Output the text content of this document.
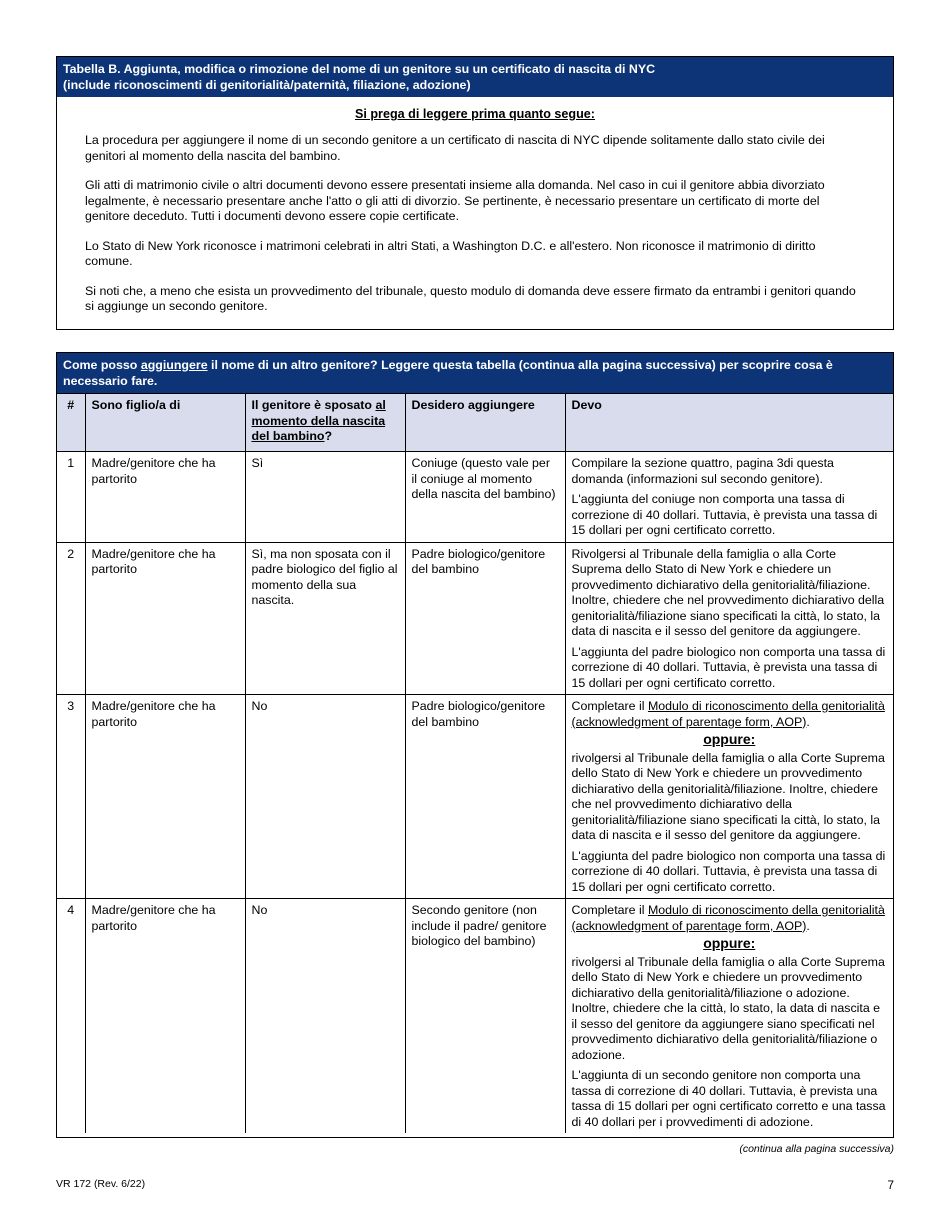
Tabella B. Aggiunta, modifica o rimozione del nome di un genitore su un certificato di nascita di NYC
(include riconoscimenti di genitorialità/paternità, filiazione, adozione)
Si prega di leggere prima quanto segue:

La procedura per aggiungere il nome di un secondo genitore a un certificato di nascita di NYC dipende solitamente dallo stato civile dei genitori al momento della nascita del bambino.

Gli atti di matrimonio civile o altri documenti devono essere presentati insieme alla domanda. Nel caso in cui il genitore abbia divorziato legalmente, è necessario presentare anche l'atto o gli atti di divorzio. Se pertinente, è necessario presentare un certificato di morte del genitore deceduto. Tutti i documenti devono essere copie certificate.

Lo Stato di New York riconosce i matrimoni celebrati in altri Stati, a Washington D.C. e all'estero. Non riconosce il matrimonio di diritto comune.

Si noti che, a meno che esista un provvedimento del tribunale, questo modulo di domanda deve essere firmato da entrambi i genitori quando si aggiunge un secondo genitore.

Come posso aggiungere il nome di un altro genitore? Leggere questa tabella (continua alla pagina successiva) per scoprire cosa è necessario fare.
#	Sono figlio/a di	Il genitore è sposato al momento della nascita del bambino?	Desidero aggiungere	Devo
1	Madre/genitore che ha partorito	Sì	Coniuge (questo vale per il coniuge al momento della nascita del bambino)	Compilare la sezione quattro, pagina 3di questa domanda (informazioni sul secondo genitore).
L'aggiunta del coniuge non comporta una tassa di correzione di 40 dollari. Tuttavia, è prevista una tassa di 15 dollari per ogni certificato corretto.

2	Madre/genitore che ha partorito	Sì, ma non sposata con il padre biologico del figlio al momento della sua nascita.	Padre biologico/genitore del bambino	Rivolgersi al Tribunale della famiglia o alla Corte Suprema dello Stato di New York e chiedere un provvedimento dichiarativo della genitorialità/filiazione. Inoltre, chiedere che nel provvedimento dichiarativo della genitorialità/filiazione siano specificati la città, lo stato, la data di nascita e il sesso del genitore da aggiungere.
L'aggiunta del padre biologico non comporta una tassa di correzione di 40 dollari. Tuttavia, è prevista una tassa di 15 dollari per ogni certificato corretto.

3	Madre/genitore che ha partorito	No	Padre biologico/genitore del bambino	Completare il Modulo di riconoscimento della genitorialità (acknowledgment of parentage form, AOP).
oppure:
rivolgersi al Tribunale della famiglia o alla Corte Suprema dello Stato di New York e chiedere un provvedimento dichiarativo della genitorialità/filiazione. Inoltre, chiedere che nel provvedimento dichiarativo della genitorialità/filiazione siano specificati la città, lo stato, la data di nascita e il sesso del genitore da aggiungere.
L'aggiunta del padre biologico non comporta una tassa di correzione di 40 dollari. Tuttavia, è prevista una tassa di 15 dollari per ogni certificato corretto.

4	Madre/genitore che ha partorito	No	Secondo genitore (non include il padre/ genitore biologico del bambino)	Completare il Modulo di riconoscimento della genitorialità (acknowledgment of parentage form, AOP).
oppure:
rivolgersi al Tribunale della famiglia o alla Corte Suprema dello Stato di New York e chiedere un provvedimento dichiarativo della genitorialità/filiazione o adozione. Inoltre, chiedere che la città, lo stato, la data di nascita e il sesso del genitore da aggiungere siano specificati nel provvedimento dichiarativo della genitorialità/filiazione o adozione.
L'aggiunta di un secondo genitore non comporta una tassa di correzione di 40 dollari. Tuttavia, è prevista una tassa di 15 dollari per ogni certificato corretto e una tassa di 40 dollari per i provvedimenti di adozione.
(continua alla pagina successiva)
VR 172 (Rev. 6/22)	7
